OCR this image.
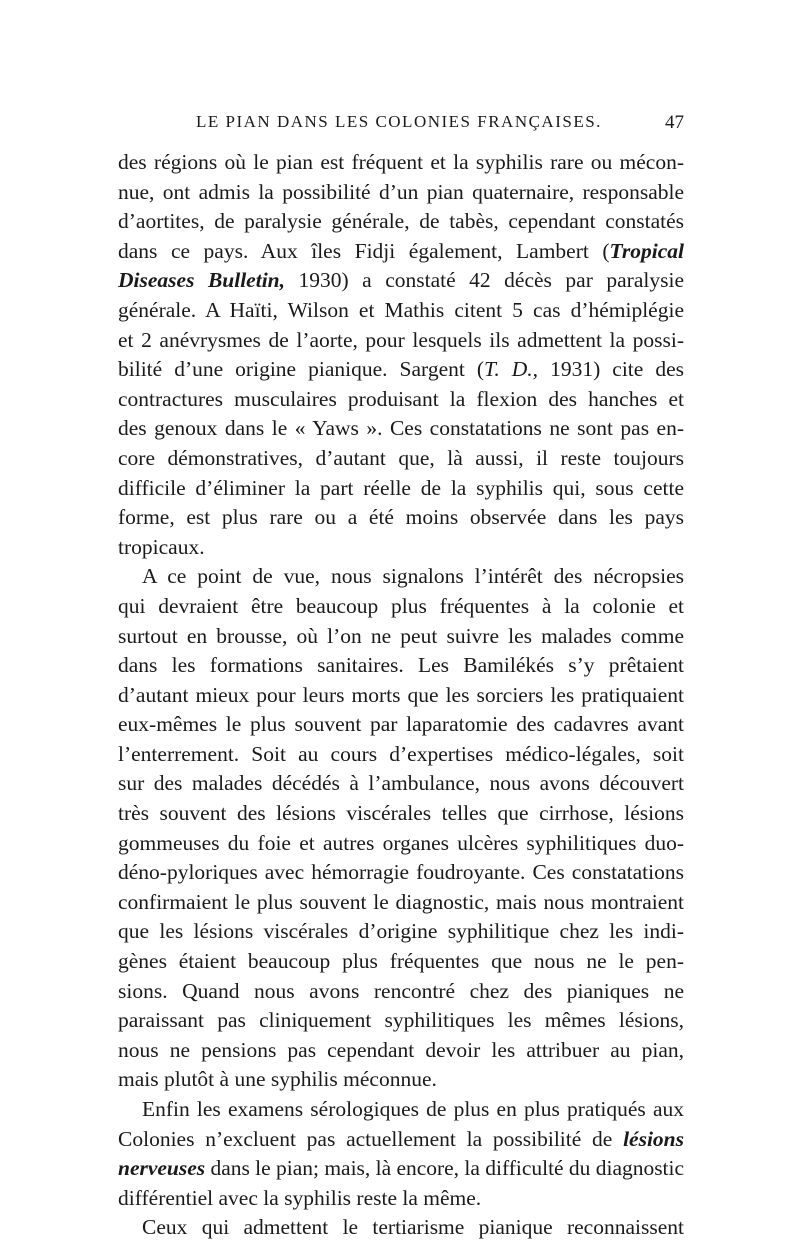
LE PIAN DANS LES COLONIES FRANÇAISES.	47
des régions où le pian est fréquent et la syphilis rare ou mécon-
nue, ont admis la possibilité d’un pian quaternaire, responsable
d’aortites, de paralysie générale, de tabès, cependant constatés
dans ce pays. Aux îles Fidji également, Lambert (Tropical
Diseases Bulletin, 1930) a constaté 42 décès par paralysie
générale. A Haïti, Wilson et Mathis citent 5 cas d’hémiplégie
et 2 anévrysmes de l’aorte, pour lesquels ils admettent la possi-
bilité d’une origine pianique. Sargent (T. D., 1931) cite des
contractures musculaires produisant la flexion des hanches et
des genoux dans le « Yaws ». Ces constatations ne sont pas en-
core démonstratives, d’autant que, là aussi, il reste toujours
difficile d’éliminer la part réelle de la syphilis qui, sous cette
forme, est plus rare ou a été moins observée dans les pays
tropicaux.
A ce point de vue, nous signalons l’intérêt des nécropsies
qui devraient être beaucoup plus fréquentes à la colonie et
surtout en brousse, où l’on ne peut suivre les malades comme
dans les formations sanitaires. Les Bamilékés s’y prêtaient
d’autant mieux pour leurs morts que les sorciers les pratiquaient
eux-mêmes le plus souvent par laparatomie des cadavres avant
l’enterrement. Soit au cours d’expertises médico-légales, soit
sur des malades décédés à l’ambulance, nous avons découvert
très souvent des lésions viscérales telles que cirrhose, lésions
gommeuses du foie et autres organes ulcères syphilitiques duo-
déno-pyloriques avec hémorragie foudroyante. Ces constatations
confirmaient le plus souvent le diagnostic, mais nous montraient
que les lésions viscérales d’origine syphilitique chez les indi-
gènes étaient beaucoup plus fréquentes que nous ne le pen-
sions. Quand nous avons rencontré chez des pianiques ne
paraissant pas cliniquement syphilitiques les mêmes lésions,
nous ne pensions pas cependant devoir les attribuer au pian,
mais plutôt à une syphilis méconnue.
Enfin les examens sérologiques de plus en plus pratiqués aux
Colonies n’excluent pas actuellement la possibilité de lésions
nerveuses dans le pian; mais, là encore, la difficulté du diagnostic
différentiel avec la syphilis reste la même.
Ceux qui admettent le tertiarisme pianique reconnaissent
